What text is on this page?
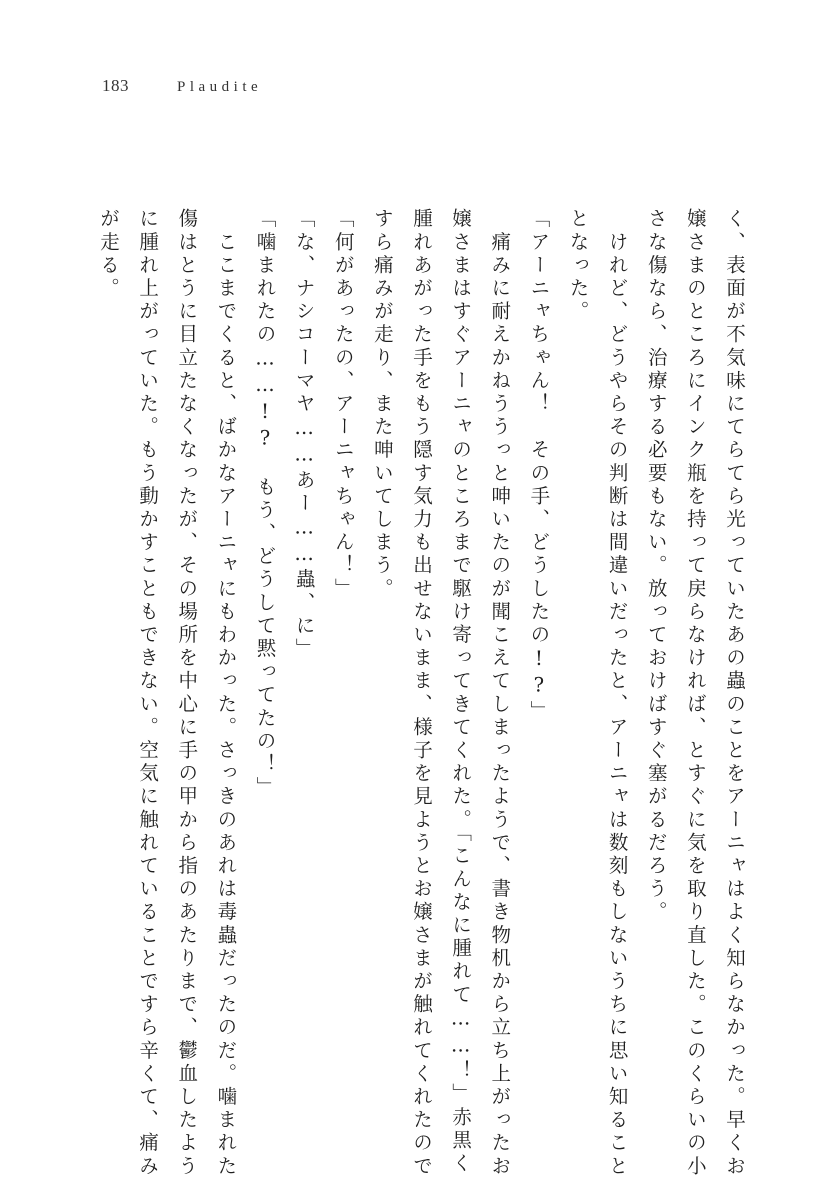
183	Plaudite
く、表面が不気味にてらてら光っていたあの蟲のことをアーニャはよく知らなかった。早くお
嬢さまのところにインク瓶を持って戻らなければ、とすぐに気を取り直した。このくらいの小
さな傷なら、治療する必要もない。放っておけばすぐ塞がるだろう。
　けれど、どうやらその判断は間違いだったと、アーニャは数刻もしないうちに思い知ること
となった。
「アーニャちゃん！　その手、どうしたの!?」
　痛みに耐えかねううっと呻いたのが聞こえてしまったようで、書き物机から立ち上がったお
嬢さまはすぐアーニャのところまで駆け寄ってきてくれた。「こんなに腫れて……！」赤黒く
腫れあがった手をもう隠す気力も出せないまま、様子を見ようとお嬢さまが触れてくれたので
すら痛みが走り、また呻いてしまう。
「何があったの、アーニャちゃん！」
「な、ナシコーマヤ……あー……蟲、に」
「噛まれたの……!?　もう、どうして黙ってたの！」
　ここまでくると、ばかなアーニャにもわかった。さっきのあれは毒蟲だったのだ。噛まれた
傷はとうに目立たなくなったが、その場所を中心に手の甲から指のあたりまで、鬱血したよう
に腫れ上がっていた。もう動かすこともできない。空気に触れていることですら辛くて、痛み
が走る。
